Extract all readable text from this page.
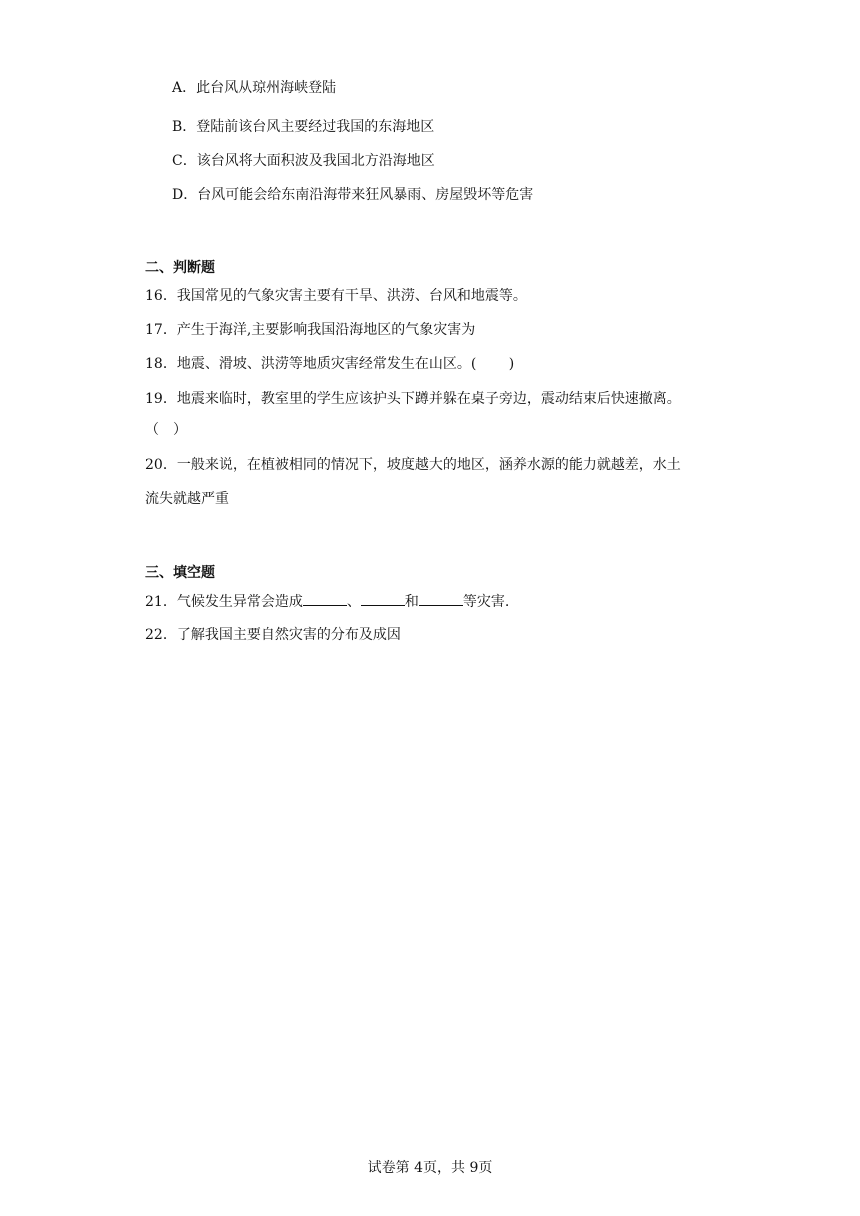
A．此台风从琼州海峡登陆
B．登陆前该台风主要经过我国的东海地区
C．该台风将大面积波及我国北方沿海地区
D．台风可能会给东南沿海带来狂风暴雨、房屋毁坏等危害
二、判断题
16．我国常见的气象灾害主要有干旱、洪涝、台风和地震等。
17．产生于海洋,主要影响我国沿海地区的气象灾害为
18．地震、滑坡、洪涝等地质灾害经常发生在山区。(　　 )
19．地震来临时，教室里的学生应该护头下蹲并躲在桌子旁边，震动结束后快速撤离。
（　）
20．一般来说，在植被相同的情况下，坡度越大的地区，涵养水源的能力就越差，水土
流失就越严重
三、填空题
21．气候发生异常会造成	、	和	等灾害.
22．了解我国主要自然灾害的分布及成因
试卷第 4页，共 9页
